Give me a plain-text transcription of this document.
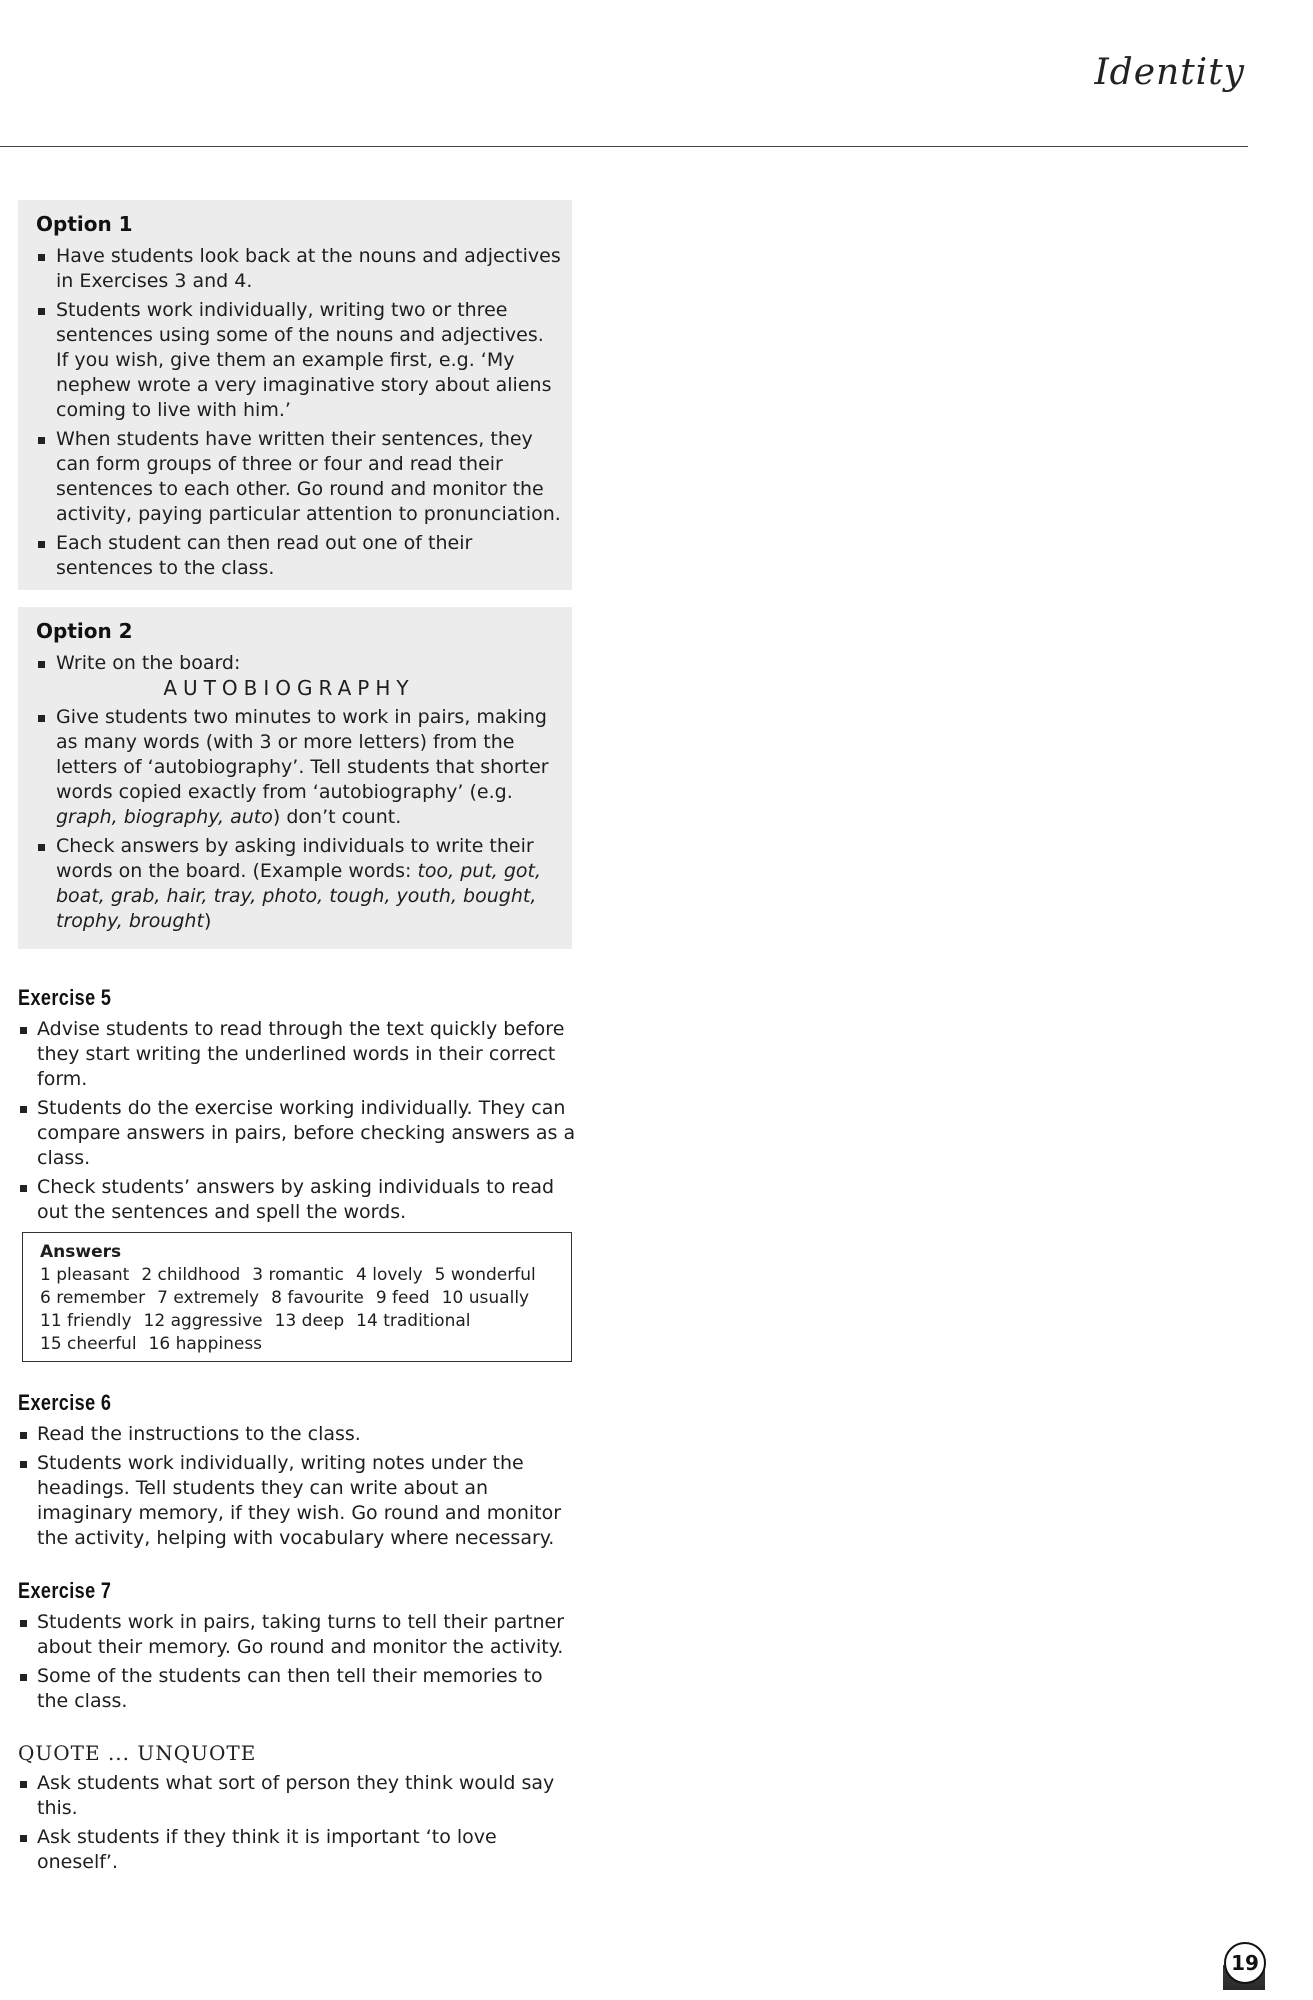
Identity
Option 1
Have students look back at the nouns and adjectives in Exercises 3 and 4.
Students work individually, writing two or three sentences using some of the nouns and adjectives. If you wish, give them an example first, e.g. ‘My nephew wrote a very imaginative story about aliens coming to live with him.’
When students have written their sentences, they can form groups of three or four and read their sentences to each other. Go round and monitor the activity, paying particular attention to pronunciation.
Each student can then read out one of their sentences to the class.
Option 2
Write on the board:
AUTOBIOGRAPHY
Give students two minutes to work in pairs, making as many words (with 3 or more letters) from the letters of ‘autobiography’. Tell students that shorter words copied exactly from ‘autobiography’ (e.g. graph, biography, auto) don’t count.
Check answers by asking individuals to write their words on the board. (Example words: too, put, got, boat, grab, hair, tray, photo, tough, youth, bought, trophy, brought)
Exercise 5
Advise students to read through the text quickly before they start writing the underlined words in their correct form.
Students do the exercise working individually. They can compare answers in pairs, before checking answers as a class.
Check students’ answers by asking individuals to read out the sentences and spell the words.
Answers
1 pleasant 2 childhood 3 romantic 4 lovely 5 wonderful
6 remember 7 extremely 8 favourite 9 feed 10 usually
11 friendly 12 aggressive 13 deep 14 traditional
15 cheerful 16 happiness
Exercise 6
Read the instructions to the class.
Students work individually, writing notes under the headings. Tell students they can write about an imaginary memory, if they wish. Go round and monitor the activity, helping with vocabulary where necessary.
Exercise 7
Students work in pairs, taking turns to tell their partner about their memory. Go round and monitor the activity.
Some of the students can then tell their memories to the class.
QUOTE ... UNQUOTE
Ask students what sort of person they think would say this.
Ask students if they think it is important ‘to love oneself’.
19
